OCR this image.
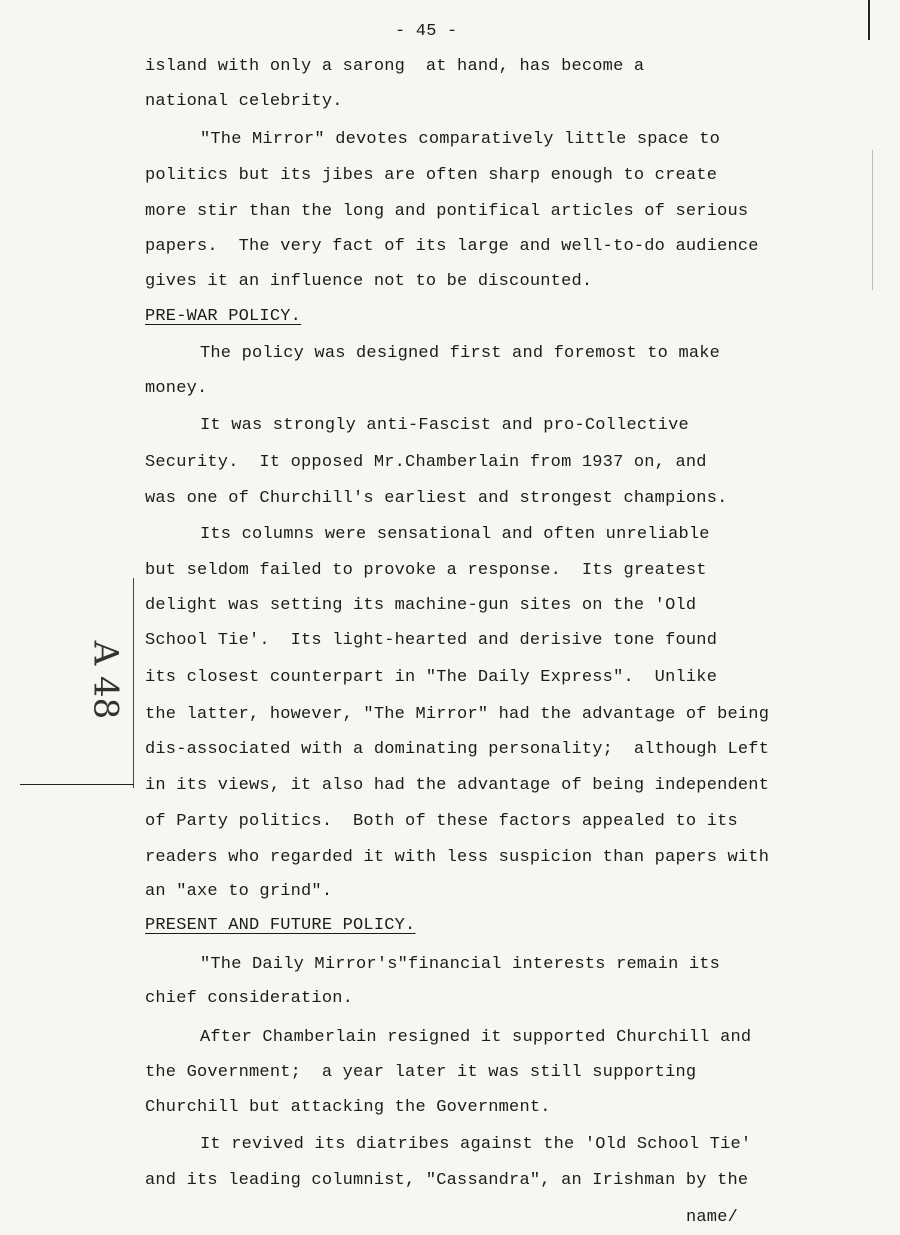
A 48
- 45 -
island with only a sarong  at hand, has become a
national celebrity.
"The Mirror" devotes comparatively little space to
politics but its jibes are often sharp enough to create
more stir than the long and pontifical articles of serious
papers.  The very fact of its large and well-to-do audience
gives it an influence not to be discounted.
PRE-WAR POLICY.
The policy was designed first and foremost to make
money.
It was strongly anti-Fascist and pro-Collective
Security.  It opposed Mr.Chamberlain from 1937 on, and
was one of Churchill's earliest and strongest champions.
Its columns were sensational and often unreliable
but seldom failed to provoke a response.  Its greatest
delight was setting its machine-gun sites on the 'Old
School Tie'.  Its light-hearted and derisive tone found
its closest counterpart in "The Daily Express".  Unlike
the latter, however, "The Mirror" had the advantage of being
dis-associated with a dominating personality;  although Left
in its views, it also had the advantage of being independent
of Party politics.  Both of these factors appealed to its
readers who regarded it with less suspicion than papers with
an "axe to grind".
PRESENT AND FUTURE POLICY.
"The Daily Mirror's"financial interests remain its
chief consideration.
After Chamberlain resigned it supported Churchill and
the Government;  a year later it was still supporting
Churchill but attacking the Government.
It revived its diatribes against the 'Old School Tie'
and its leading columnist, "Cassandra", an Irishman by the
name/
